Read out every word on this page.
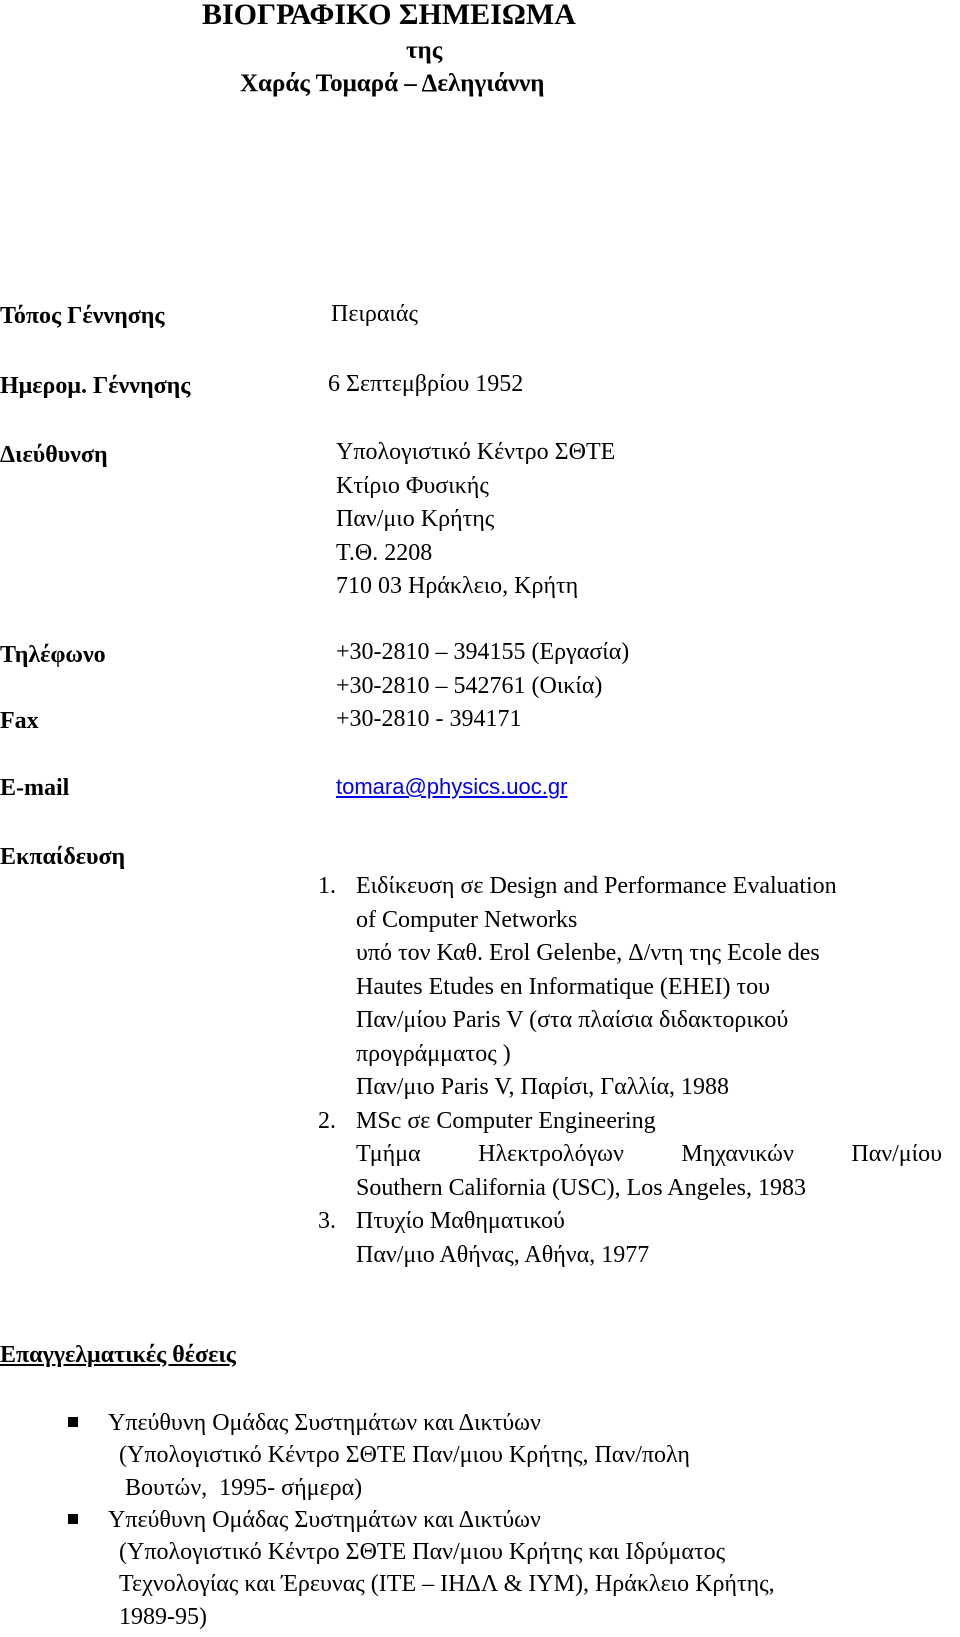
ΒΙΟΓΡΑΦΙΚΟ ΣΗΜΕΙΩΜΑ
της
Χαράς Τομαρά – Δεληγιάννη
Τόπος Γέννησης	Πειραιάς
Ημερομ. Γέννησης	6 Σεπτεμβρίου 1952
Διεύθυνση	Υπολογιστικό Κέντρο ΣΘΤΕ
Κτίριο Φυσικής
Παν/μιο Κρήτης
Τ.Θ. 2208
710 03 Ηράκλειο, Κρήτη
Τηλέφωνο	+30-2810 – 394155 (Εργασία)
+30-2810 – 542761 (Οικία)
Fax	+30-2810 - 394171
E-mail	tomara@physics.uoc.gr
Εκπαίδευση
1. Ειδίκευση σε Design and Performance Evaluation
of Computer Networks
υπό τον Καθ. Erol Gelenbe, Δ/ντη της Ecole des
Hautes Etudes en Informatique (EHEI) του
Παν/μίου Paris V (στα πλαίσια διδακτορικού
προγράμματος )
Παν/μιο Paris V, Παρίσι, Γαλλία, 1988
2. MSc σε Computer Engineering
Τμήμα Ηλεκτρολόγων Μηχανικών Παν/μίου
Southern California (USC), Los Angeles, 1983
3. Πτυχίο Μαθηματικού
Παν/μιο Αθήνας, Αθήνα, 1977
Επαγγελματικές θέσεις
Υπεύθυνη Ομάδας Συστημάτων και Δικτύων
(Υπολογιστικό Κέντρο ΣΘΤΕ Παν/μιου Κρήτης, Παν/πολη
Βουτών,  1995- σήμερα)
Υπεύθυνη Ομάδας Συστημάτων και Δικτύων
(Υπολογιστικό Κέντρο ΣΘΤΕ Παν/μιου Κρήτης και Ιδρύματος
Τεχνολογίας και Έρευνας (ΙΤΕ – ΙΗΔΛ & ΙΥΜ), Ηράκλειο Κρήτης,
1989-95)
